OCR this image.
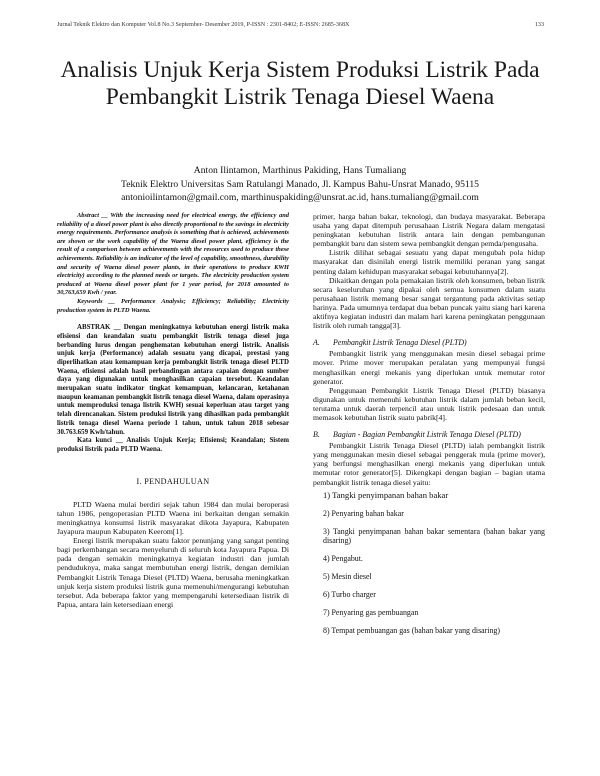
Jurnal Teknik Elektro dan Komputer Vol.8 No.3 September- Desember 2019, P-ISSN : 2301-8402; E-ISSN: 2685-368X	133
Analisis Unjuk Kerja Sistem Produksi Listrik Pada Pembangkit Listrik Tenaga Diesel Waena
Anton Ilintamon, Marthinus Pakiding, Hans Tumaliang
Teknik Elektro Universitas Sam Ratulangi Manado, Jl. Kampus Bahu-Unsrat Manado, 95115
antonioilintamon@gmail.com, marthinuspakiding@unsrat.ac.id, hans.tumaliang@gmail.com

Abstract __ With the increasing need for electrical energy, the efficiency and reliability of a diesel power plant is also directly proportional to the savings in electricity energy requirements. Performance analysis is something that is achieved, achievements are shown or the work capability of the Waena diesel power plant, efficiency is the result of a comparison between achievements with the resources used to produce these achievements. Reliability is an indicator of the level of capability, smoothness, durability and security of Waena diesel power plants, in their operations to produce KWH electricity) according to the planned needs or targets. The electricity production system produced at Waena diesel power plant for 1 year period, for 2018 amounted to 30,763,659 Kwh / year.

Keywords __ Performance Analysis; Efficiency; Reliability; Electricity production system in PLTD Waena.

ABSTRAK __ Dengan meningkatnya kebutuhan energi listrik maka efisiensi dan keandalan suatu pembangkit listrik tenaga diesel juga berbanding lurus dengan penghematan kebutuhan energi listrik. Analisis unjuk kerja (Performance) adalah sesuatu yang dicapai, prestasi yang diperlihatkan atau kemampuan kerja pembangkit listrik tenaga diesel PLTD Waena, efisiensi adalah hasil perbandingan antara capaian dengan sumber daya yang digunakan untuk menghasilkan capaian tersebut. Keandalan merupakan suatu indikator tingkat kemampuan, kelancaran, ketahanan maupun keamanan pembangkit listrik tenaga diesel Waena, dalam operasinya untuk memproduksi tenaga listrik KWH) sesuai keperluan atau target yang telah direncanakan. Sistem produksi listrik yang dihasilkan pada pembangkit listrik tenaga diesel Waena periode 1 tahun, untuk tahun 2018 sebesar 30.763.659 Kwh/tahun.

Kata kunci __ Analisis Unjuk Kerja; Efisiensi; Keandalan; Sistem produksi listrik pada PLTD Waena.

I. PENDAHULUAN

PLTD Waena mulai berdiri sejak tahun 1984 dan mulai beroperasi tahun 1986, pengoperasian PLTD Waena ini berkaitan dengan semakin meningkatnya konsumsi listrik masyarakat dikota Jayapura, Kabupaten Jayapura maupun Kabupaten Keerom[1].

Energi listrik merupakan suatu faktor penunjang yang sangat penting bagi perkembangan secara menyeluruh di seluruh kota Jayapura Papua. Di pada dengan semakin meningkatnya kegiatan industri dan jumlah penduduknya, maka sangat membutuhan energi listrik, dengan demikian Pembangkit Listrik Tenaga Diesel (PLTD) Waena, berusaha meningkatkan unjuk kerja sistem produksi listrik guna memenuhi/mengurangi kebutuhan tersebut. Ada beberapa faktor yang mempengaruhi ketersediaan listrik di Papua, antara lain ketersediaan energi

primer, harga bahan bakar, teknologi, dan budaya masyarakat. Beberapa usaha yang dapat ditempuh perusahaan Listrik Negara dalam mengatasi peningkatan kebutuhan listrik antara lain dengan pembangunan pembangkit baru dan sistem sewa pembangkit dengan pemda/pengusaha.

Listrik dilihat sebagai sesuatu yang dapat mengubah pola hidup masyarakat dan disinilah energi listrik memiliki peranan yang sangat penting dalam kehidupan masyarakat sebagai kebutuhannya[2].

Dikaitkan dengan pola pemakaian listrik oleh konsumen, beban listrik secara keseluruhan yang dipakai oleh semua konsumen dalam suatu perusahaan listrik memang besar sangat tergantung pada aktivitas setiap harinya. Pada umumnya terdapat dua beban puncak yaitu siang hari karena aktifnya kegiatan industri dan malam hari karena peningkatan penggunaan listrik oleh rumah tangga[3].

A. Pembangkit Listrik Tenaga Diesel (PLTD)

Pembangkit listrik yang menggunakan mesin diesel sebagai prime mover. Prime mover merupakan peralatan yang mempunyai fungsi menghasilkan energi mekanis yang diperlukan untuk memutar rotor generator.

Penggunaan Pembangkit Listrik Tenaga Diesel (PLTD) biasanya digunakan untuk memenuhi kebutuhan listrik dalam jumlah beban kecil, terutama untuk daerah terpencil atau untuk listrik pedesaan dan untuk memasok kebutuhan listrik suatu pabrik[4].

B. Bagian - Bagian Pembangkit Listrik Tenaga Diesel (PLTD)

Pembangkit Listrik Tenaga Diesel (PLTD) ialah pembangkit listrik yang menggunakan mesin diesel sebagai penggerak mula (prime mover), yang berfungsi menghasilkan energi mekanis yang diperlukan untuk memutar rotor generator[5]. Dikengkapi dengan bagian – bagian utama pembangkit listrik tenaga diesel yaitu:

1) Tangki penyimpanan bahan bakar
2) Penyaring bahan bakar
3) Tangki penyimpanan bahan bakar sementara (bahan bakar yang disaring)
4) Pengabut.
5) Mesin diesel
6) Turbo charger
7) Penyaring gas pembuangan
8) Tempat pembuangan gas (bahan bakar yang disaring)
